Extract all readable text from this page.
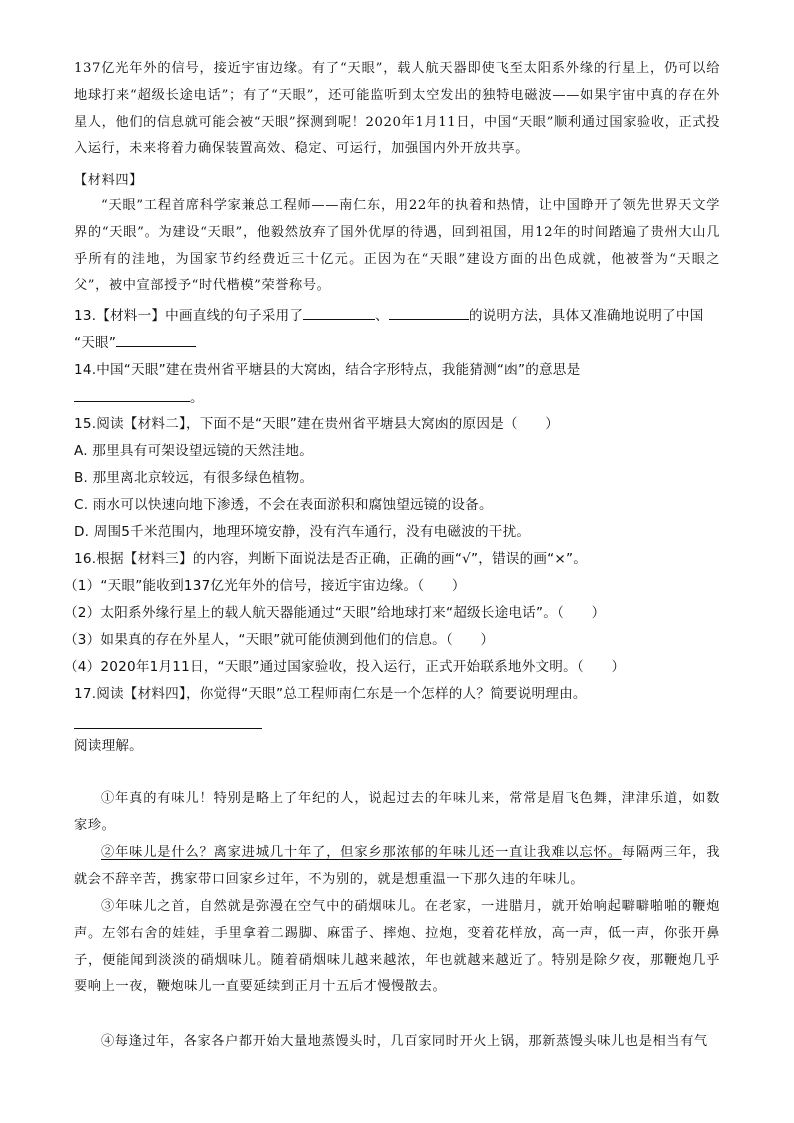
137亿光年外的信号，接近宇宙边缘。有了“天眼”，载人航天器即使飞至太阳系外缘的行星上，仍可以给地球打来“超级长途电话”；有了“天眼”，还可能监听到太空发出的独特电磁波——如果宇宙中真的存在外星人，他们的信息就可能会被“天眼”探测到呢！2020年1月11日，中国“天眼”顺利通过国家验收，正式投入运行，未来将着力确保装置高效、稳定、可运行，加强国内外开放共享。

【材料四】

“天眼”工程首席科学家兼总工程师——南仁东，用22年的执着和热情，让中国睁开了领先世界天文学界的“天眼”。为建设“天眼”，他毅然放弃了国外优厚的待遇，回到祖国，用12年的时间踏遍了贵州大山几乎所有的洼地，为国家节约经费近三十亿元。正因为在“天眼”建设方面的出色成就，他被誉为“天眼之父”，被中宣部授予“时代楷模”荣誉称号。

13.【材料一】中画直线的句子采用了	、	的说明方法，具体又准确地说明了中国
“天眼”
14.中国“天眼”建在贵州省平塘县的大窝凼，结合字形特点，我能猜测“凼”的意思是
。
15.阅读【材料二】，下面不是“天眼”建在贵州省平塘县大窝凼的原因是（　　）
A. 那里具有可架设望远镜的天然洼地。
B. 那里离北京较远，有很多绿色植物。
C. 雨水可以快速向地下渗透，不会在表面淤积和腐蚀望远镜的设备。
D. 周围5千米范围内，地理环境安静，没有汽车通行，没有电磁波的干扰。
16.根据【材料三】的内容，判断下面说法是否正确，正确的画“√”，错误的画“×”。
（1）“天眼”能收到137亿光年外的信号，接近宇宙边缘。（　　）
（2）太阳系外缘行星上的载人航天器能通过“天眼”给地球打来“超级长途电话”。（　　）
（3）如果真的存在外星人，“天眼”就可能侦测到他们的信息。（　　）
（4）2020年1月11日，“天眼”通过国家验收，投入运行，正式开始联系地外文明。（　　）
17.阅读【材料四】，你觉得“天眼”总工程师南仁东是一个怎样的人？简要说明理由。
阅读理解。

①年真的有味儿！特别是略上了年纪的人，说起过去的年味儿来，常常是眉飞色舞，津津乐道，如数家珍。

②年味儿是什么？离家进城几十年了，但家乡那浓郁的年味儿还一直让我难以忘怀。每隔两三年，我就会不辞辛苦，携家带口回家乡过年，不为别的，就是想重温一下那久违的年味儿。

③年味儿之首，自然就是弥漫在空气中的硝烟味儿。在老家，一进腊月，就开始响起噼噼啪啪的鞭炮声。左邻右舍的娃娃，手里拿着二踢脚、麻雷子、摔炮、拉炮，变着花样放，高一声，低一声，你张开鼻子，便能闻到淡淡的硝烟味儿。随着硝烟味儿越来越浓，年也就越来越近了。特别是除夕夜，那鞭炮几乎要响上一夜，鞭炮味儿一直要延续到正月十五后才慢慢散去。

④每逢过年，各家各户都开始大量地蒸馒头时，几百家同时开火上锅，那新蒸馒头味儿也是相当有气
